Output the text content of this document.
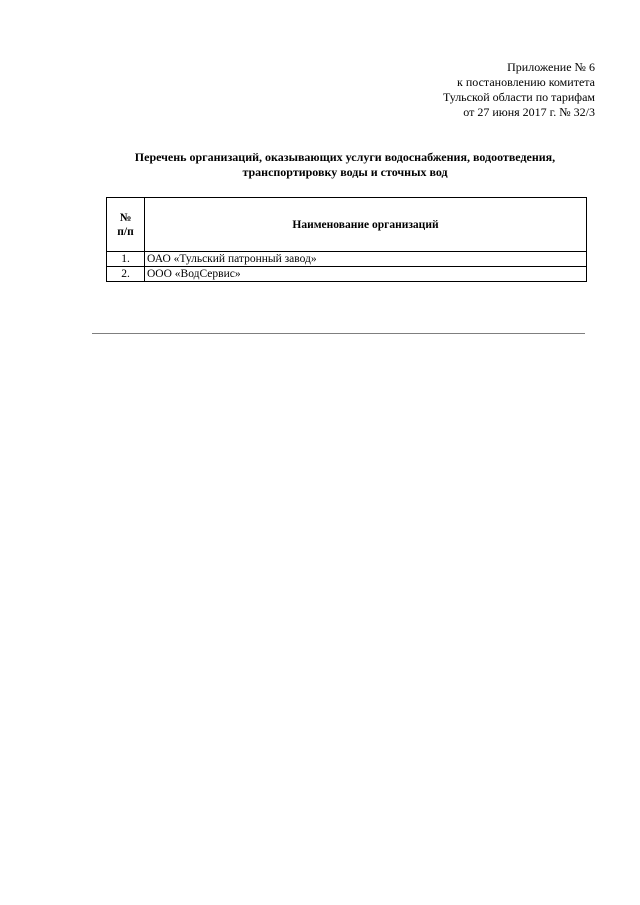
Приложение № 6
к постановлению комитета
Тульской области по тарифам
от 27 июня 2017 г. № 32/3
Перечень организаций, оказывающих услуги водоснабжения, водоотведения,
транспортировку воды и сточных вод
№
п/п	Наименование организаций
1.	ОАО «Тульский патронный завод»
2.	ООО «ВодСервис»
